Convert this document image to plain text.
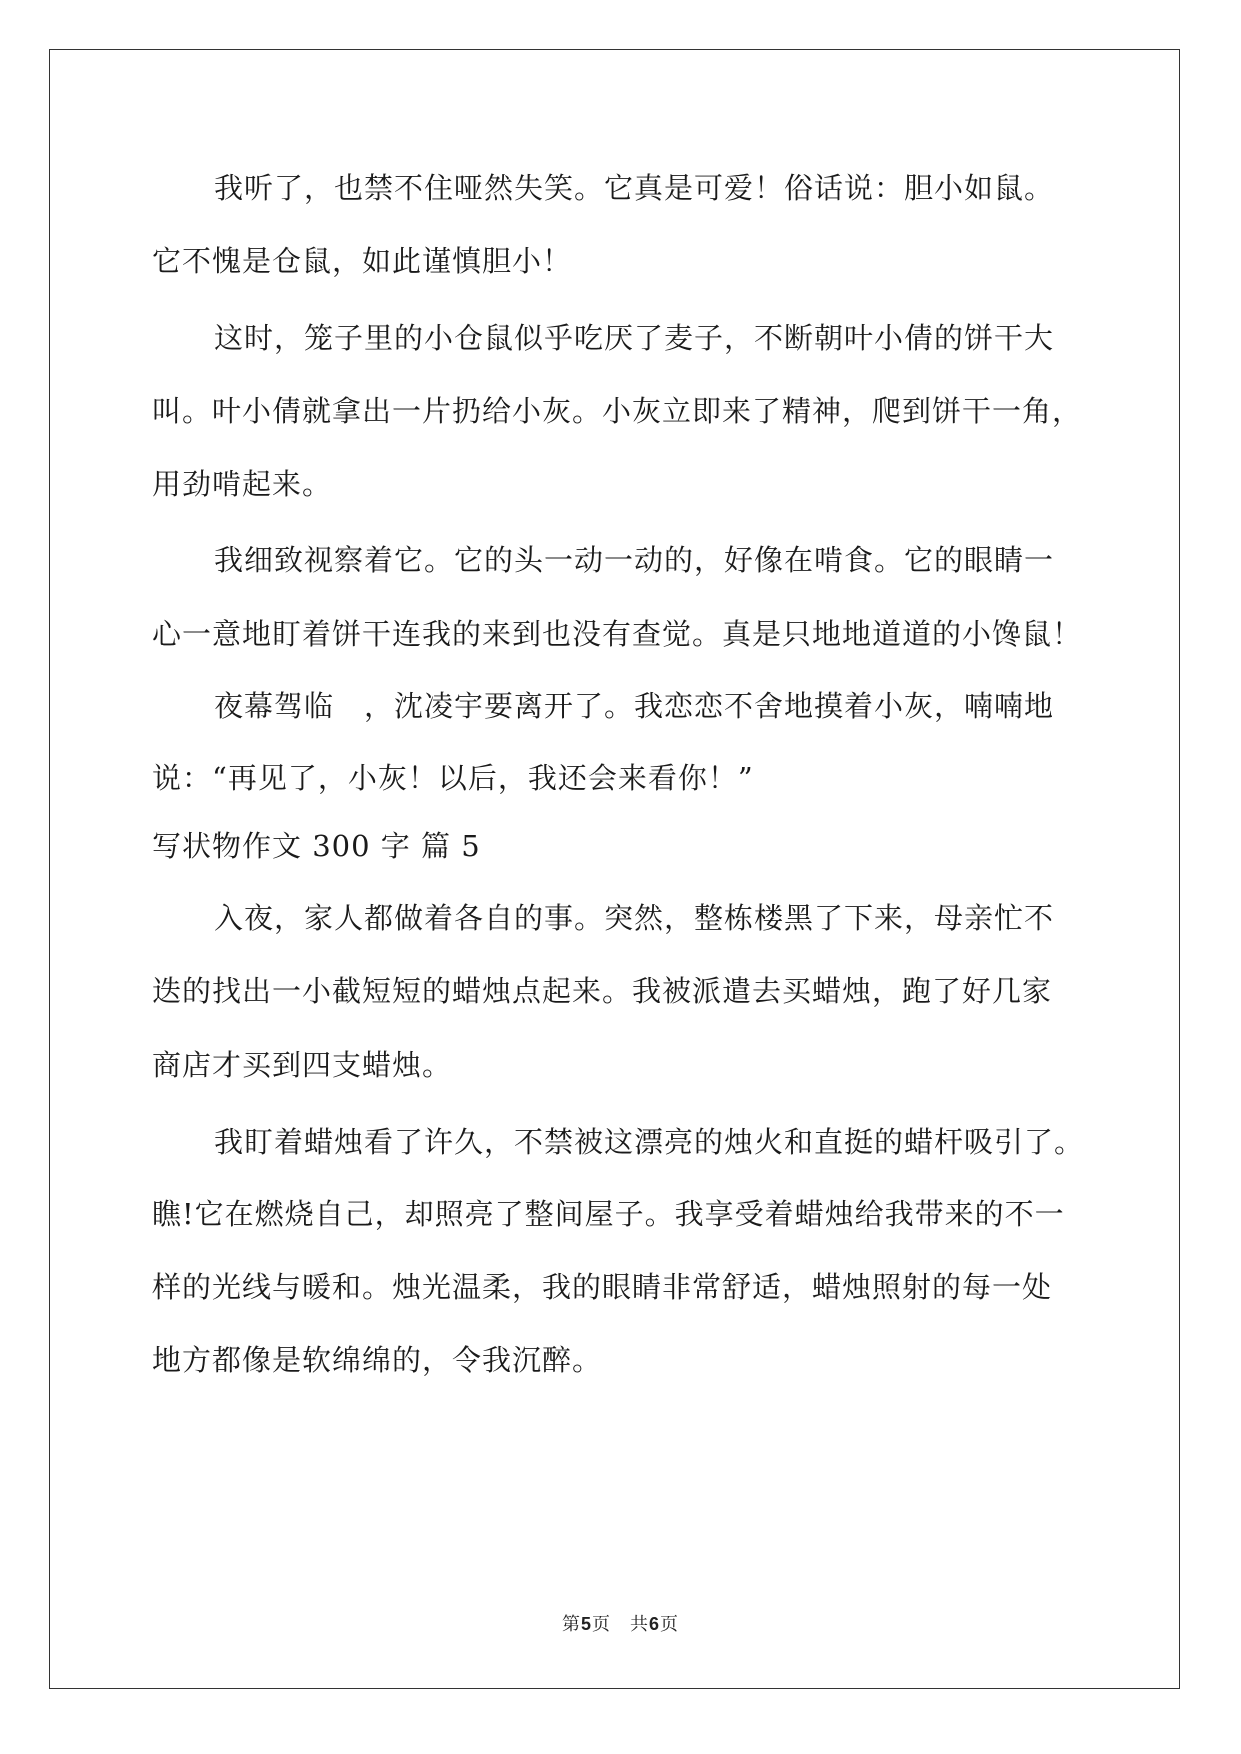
我听了，也禁不住哑然失笑。它真是可爱！俗话说：胆小如鼠。
它不愧是仓鼠，如此谨慎胆小！
这时，笼子里的小仓鼠似乎吃厌了麦子，不断朝叶小倩的饼干大
叫。叶小倩就拿出一片扔给小灰。小灰立即来了精神，爬到饼干一角，
用劲啃起来。
我细致视察着它。它的头一动一动的，好像在啃食。它的眼睛一
心一意地盯着饼干连我的来到也没有查觉。真是只地地道道的小馋鼠！
夜幕驾临　，沈凌宇要离开了。我恋恋不舍地摸着小灰，喃喃地
说：“再见了，小灰！以后，我还会来看你！”
写状物作文 300 字 篇 5
入夜，家人都做着各自的事。突然，整栋楼黑了下来，母亲忙不
迭的找出一小截短短的蜡烛点起来。我被派遣去买蜡烛，跑了好几家
商店才买到四支蜡烛。
我盯着蜡烛看了许久，不禁被这漂亮的烛火和直挺的蜡杆吸引了。
瞧!它在燃烧自己，却照亮了整间屋子。我享受着蜡烛给我带来的不一
样的光线与暖和。烛光温柔，我的眼睛非常舒适，蜡烛照射的每一处
地方都像是软绵绵的，令我沉醉。
第5页　共6页
